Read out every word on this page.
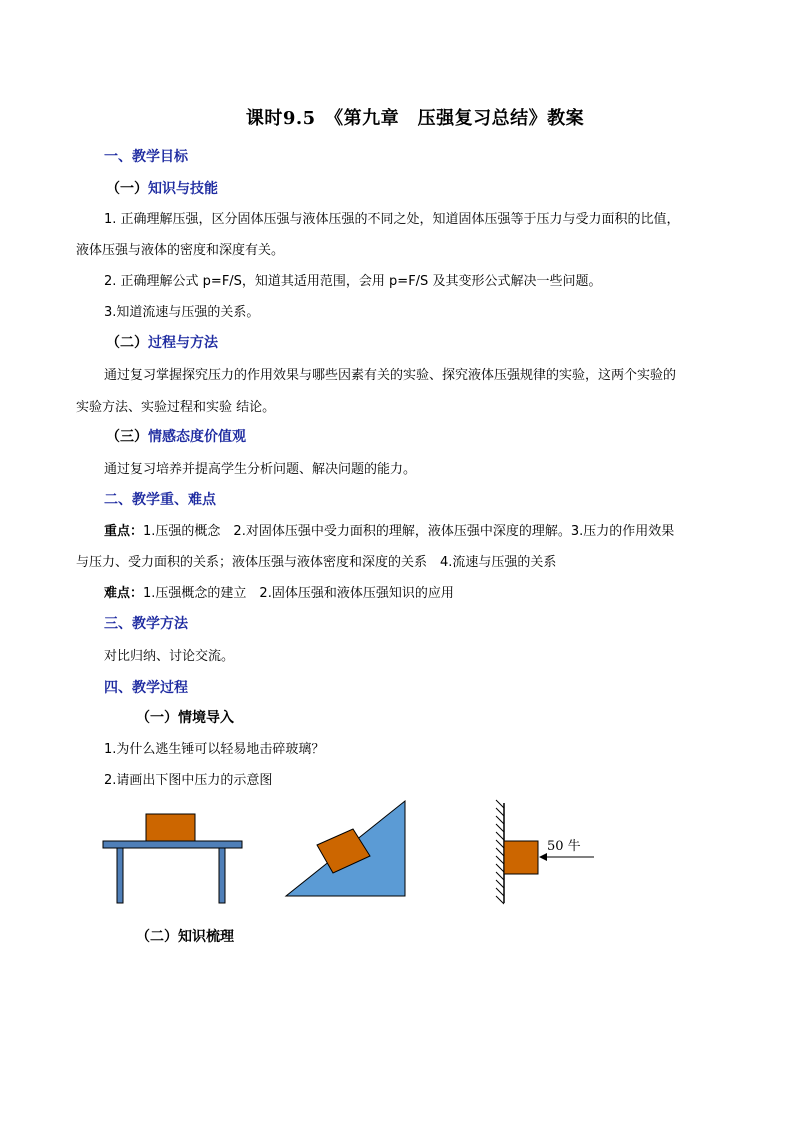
课时9.5　《第九章　压强复习总结》教案
一、教学目标
（一）知识与技能
1. 正确理解压强，区分固体压强与液体压强的不同之处，知道固体压强等于压力与受力面积的比值，
液体压强与液体的密度和深度有关。
2. 正确理解公式 p=F/S，知道其适用范围，会用 p=F/S 及其变形公式解决一些问题。
3.知道流速与压强的关系。
（二）过程与方法
通过复习掌握探究压力的作用效果与哪些因素有关的实验、探究液体压强规律的实验，这两个实验的
实验方法、实验过程和实验 结论。
（三）情感态度价值观
通过复习培养并提高学生分析问题、解决问题的能力。
二、教学重、难点
重点：1.压强的概念　2.对固体压强中受力面积的理解，液体压强中深度的理解。3.压力的作用效果
与压力、受力面积的关系；液体压强与液体密度和深度的关系　4.流速与压强的关系
难点：1.压强概念的建立　2.固体压强和液体压强知识的应用
三、教学方法
对比归纳、讨论交流。
四、教学过程
（一）情境导入
1.为什么逃生锤可以轻易地击碎玻璃？
2.请画出下图中压力的示意图
50 牛
（二）知识梳理
